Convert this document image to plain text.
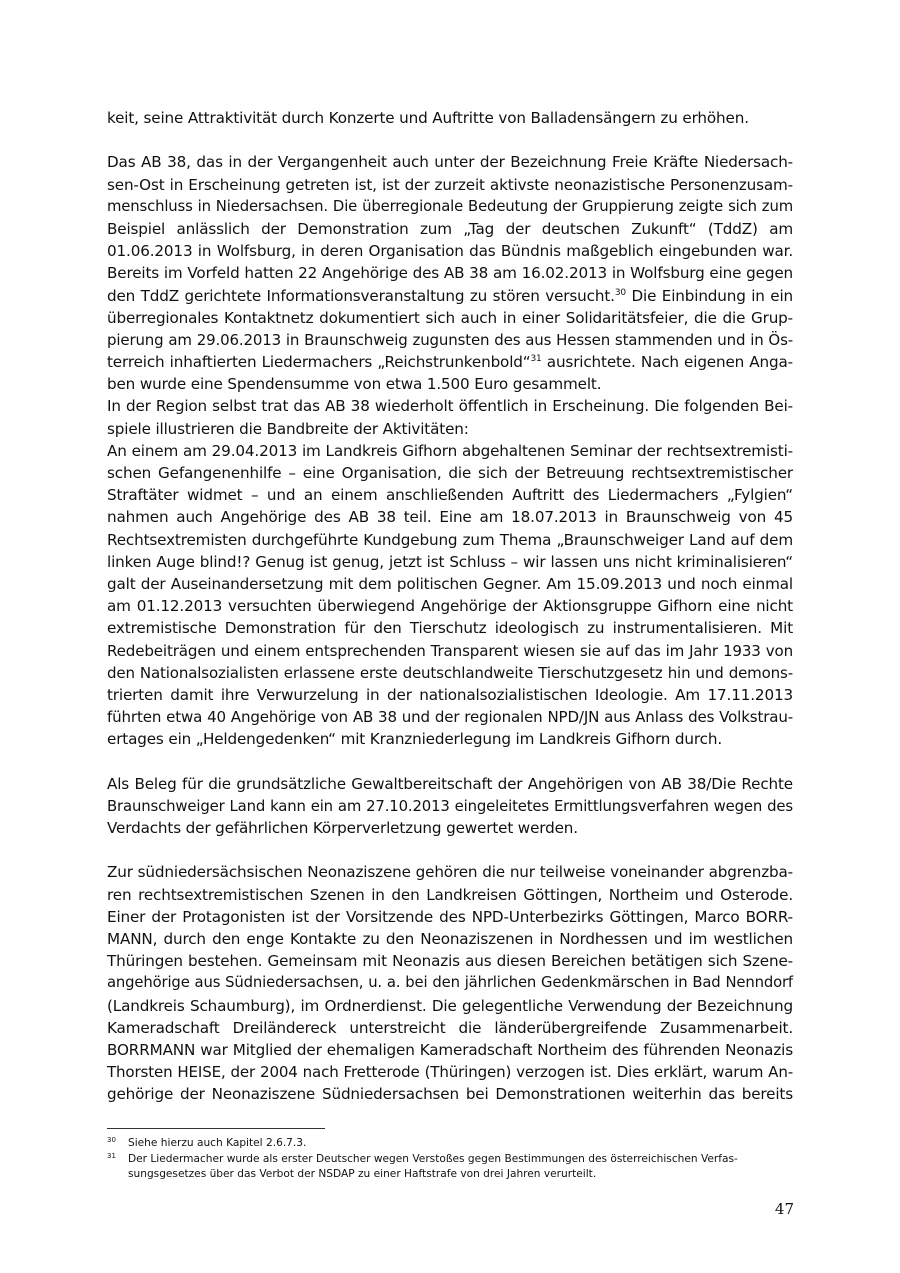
keit, seine Attraktivität durch Konzerte und Auftritte von Balladensängern zu erhöhen.
Das AB 38, das in der Vergangenheit auch unter der Bezeichnung Freie Kräfte Niedersach-
sen-Ost in Erscheinung getreten ist, ist der zurzeit aktivste neonazistische Personenzusam-
menschluss in Niedersachsen. Die überregionale Bedeutung der Gruppierung zeigte sich zum
Beispiel anlässlich der Demonstration zum „Tag der deutschen Zukunft“ (TddZ) am
01.06.2013 in Wolfsburg, in deren Organisation das Bündnis maßgeblich eingebunden war.
Bereits im Vorfeld hatten 22 Angehörige des AB 38 am 16.02.2013 in Wolfsburg eine gegen
den TddZ gerichtete Informationsveranstaltung zu stören versucht.$^{30}$ Die Einbindung in ein
überregionales Kontaktnetz dokumentiert sich auch in einer Solidaritätsfeier, die die Grup-
pierung am 29.06.2013 in Braunschweig zugunsten des aus Hessen stammenden und in Ös-
terreich inhaftierten Liedermachers „Reichstrunkenbold“$^{31}$ ausrichtete. Nach eigenen Anga-
ben wurde eine Spendensumme von etwa 1.500 Euro gesammelt.
In der Region selbst trat das AB 38 wiederholt öffentlich in Erscheinung. Die folgenden Bei-
spiele illustrieren die Bandbreite der Aktivitäten:
An einem am 29.04.2013 im Landkreis Gifhorn abgehaltenen Seminar der rechtsextremisti-
schen Gefangenenhilfe – eine Organisation, die sich der Betreuung rechtsextremistischer
Straftäter widmet – und an einem anschließenden Auftritt des Liedermachers „Fylgien“
nahmen auch Angehörige des AB 38 teil. Eine am 18.07.2013 in Braunschweig von 45
Rechtsextremisten durchgeführte Kundgebung zum Thema „Braunschweiger Land auf dem
linken Auge blind!? Genug ist genug, jetzt ist Schluss – wir lassen uns nicht kriminalisieren“
galt der Auseinandersetzung mit dem politischen Gegner. Am 15.09.2013 und noch einmal
am 01.12.2013 versuchten überwiegend Angehörige der Aktionsgruppe Gifhorn eine nicht
extremistische Demonstration für den Tierschutz ideologisch zu instrumentalisieren. Mit
Redebeiträgen und einem entsprechenden Transparent wiesen sie auf das im Jahr 1933 von
den Nationalsozialisten erlassene erste deutschlandweite Tierschutzgesetz hin und demons-
trierten damit ihre Verwurzelung in der nationalsozialistischen Ideologie. Am 17.11.2013
führten etwa 40 Angehörige von AB 38 und der regionalen NPD/JN aus Anlass des Volkstrau-
ertages ein „Heldengedenken“ mit Kranzniederlegung im Landkreis Gifhorn durch.
Als Beleg für die grundsätzliche Gewaltbereitschaft der Angehörigen von AB 38/Die Rechte
Braunschweiger Land kann ein am 27.10.2013 eingeleitetes Ermittlungsverfahren wegen des
Verdachts der gefährlichen Körperverletzung gewertet werden.
Zur südniedersächsischen Neonaziszene gehören die nur teilweise voneinander abgrenzba-
ren rechtsextremistischen Szenen in den Landkreisen Göttingen, Northeim und Osterode.
Einer der Protagonisten ist der Vorsitzende des NPD-Unterbezirks Göttingen, Marco BORR-
MANN, durch den enge Kontakte zu den Neonaziszenen in Nordhessen und im westlichen
Thüringen bestehen. Gemeinsam mit Neonazis aus diesen Bereichen betätigen sich Szene-
angehörige aus Südniedersachsen, u. a. bei den jährlichen Gedenkmärschen in Bad Nenndorf
(Landkreis Schaumburg), im Ordnerdienst. Die gelegentliche Verwendung der Bezeichnung
Kameradschaft Dreiländereck unterstreicht die länderübergreifende Zusammenarbeit.
BORRMANN war Mitglied der ehemaligen Kameradschaft Northeim des führenden Neonazis
Thorsten HEISE, der 2004 nach Fretterode (Thüringen) verzogen ist. Dies erklärt, warum An-
gehörige der Neonaziszene Südniedersachsen bei Demonstrationen weiterhin das bereits
30 Siehe hierzu auch Kapitel 2.6.7.3.
31 Der Liedermacher wurde als erster Deutscher wegen Verstoßes gegen Bestimmungen des österreichischen Verfas-
sungsgesetzes über das Verbot der NSDAP zu einer Haftstrafe von drei Jahren verurteilt.
47
